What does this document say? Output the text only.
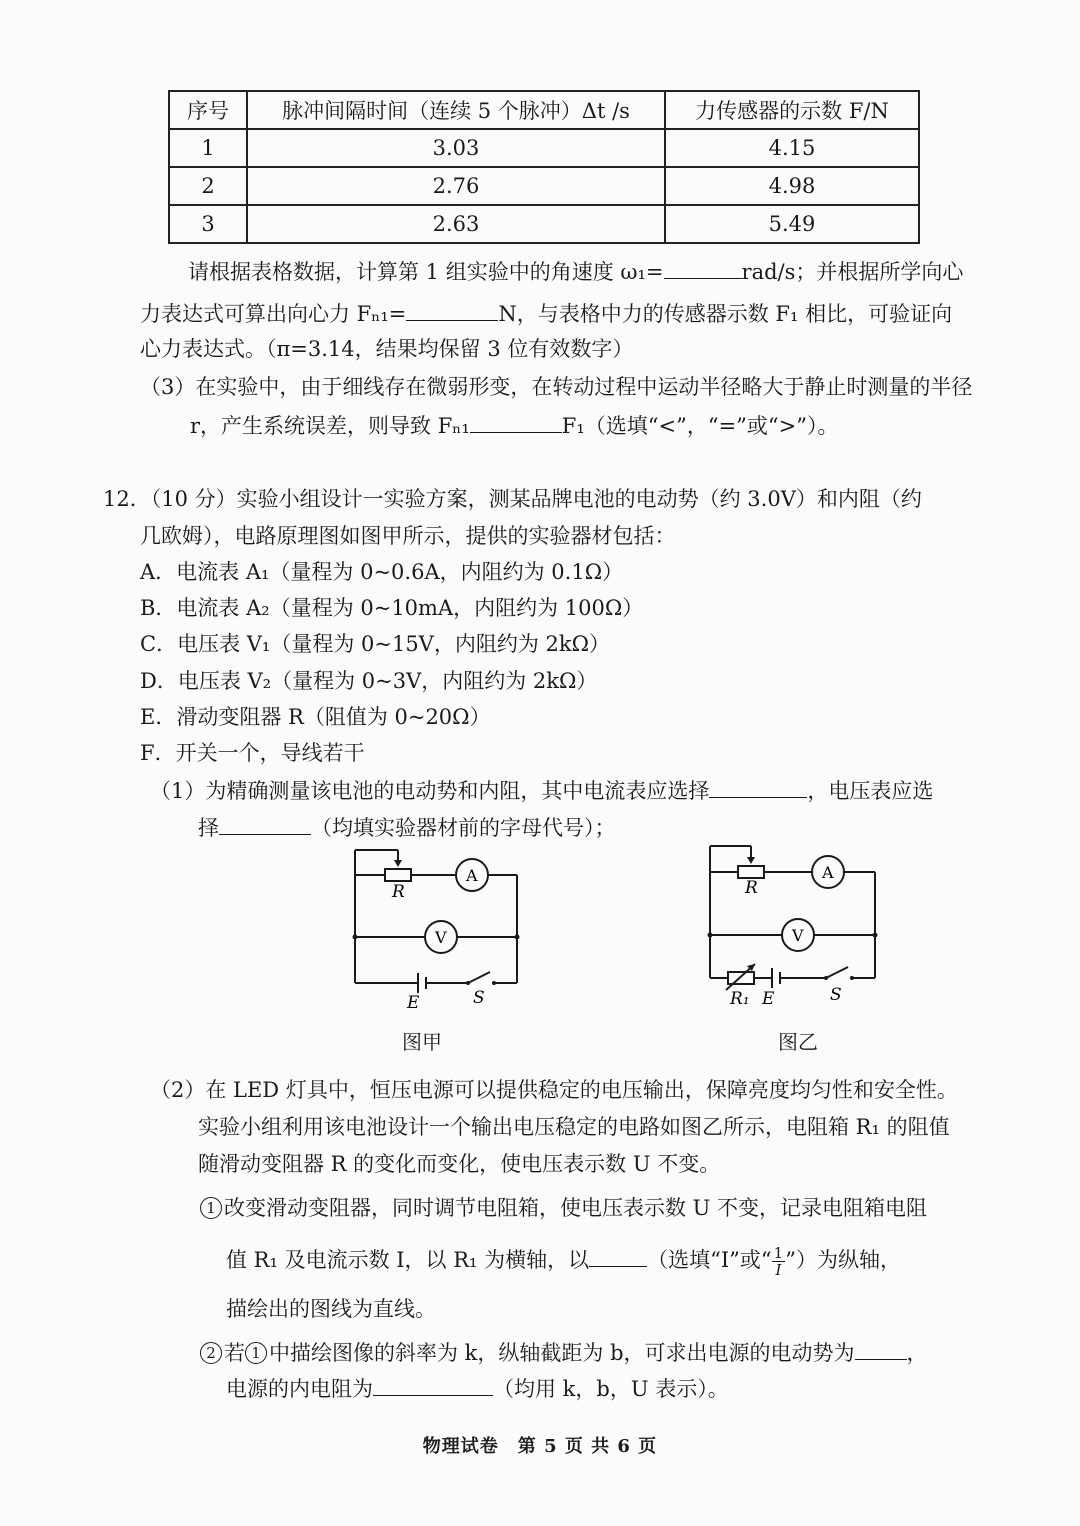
序号	脉冲间隔时间（连续 5 个脉冲）Δt /s	力传感器的示数 F/N
1	3.03	4.15
2	2.76	4.98
3	2.63	5.49
请根据表格数据，计算第 1 组实验中的角速度 ω₁=	rad/s；并根据所学向心
力表达式可算出向心力 Fₙ₁=	N，与表格中力的传感器示数 F₁ 相比，可验证向
心力表达式。（π=3.14，结果均保留 3 位有效数字）
（3）在实验中，由于细线存在微弱形变，在转动过程中运动半径略大于静止时测量的半径
r，产生系统误差，则导致 Fₙ₁	F₁（选填“<”，“=”或“>”）。
12．（10 分）实验小组设计一实验方案，测某品牌电池的电动势（约 3.0V）和内阻（约
几欧姆），电路原理图如图甲所示，提供的实验器材包括：
A．电流表 A₁（量程为 0~0.6A，内阻约为 0.1Ω）
B．电流表 A₂（量程为 0~10mA，内阻约为 100Ω）
C．电压表 V₁（量程为 0~15V，内阻约为 2kΩ）
D．电压表 V₂（量程为 0~3V，内阻约为 2kΩ）
E．滑动变阻器 R（阻值为 0~20Ω）
F．开关一个，导线若干
（1）为精确测量该电池的电动势和内阻，其中电流表应选择	，电压表应选
择	（均填实验器材前的字母代号）；
R
A
V
E	S
图甲
R
A
V
R₁ E	S
图乙
（2）在 LED 灯具中，恒压电源可以提供稳定的电压输出，保障亮度均匀性和安全性。
实验小组利用该电池设计一个输出电压稳定的电路如图乙所示，电阻箱 R₁ 的阻值
随滑动变阻器 R 的变化而变化，使电压表示数 U 不变。
1 改变滑动变阻器，同时调节电阻箱，使电压表示数 U 不变，记录电阻箱电阻
值 R₁ 及电流示数 I，以 R₁ 为横轴，以	（选填“I”或“ $\frac{1}{I}$ ”）为纵轴，
描绘出的图线为直线。
2 若 1 中描绘图像的斜率为 k，纵轴截距为 b，可求出电源的电动势为 ，
电源的内电阻为	（均用 k，b，U 表示）。
物理试卷　第 5 页 共 6 页
